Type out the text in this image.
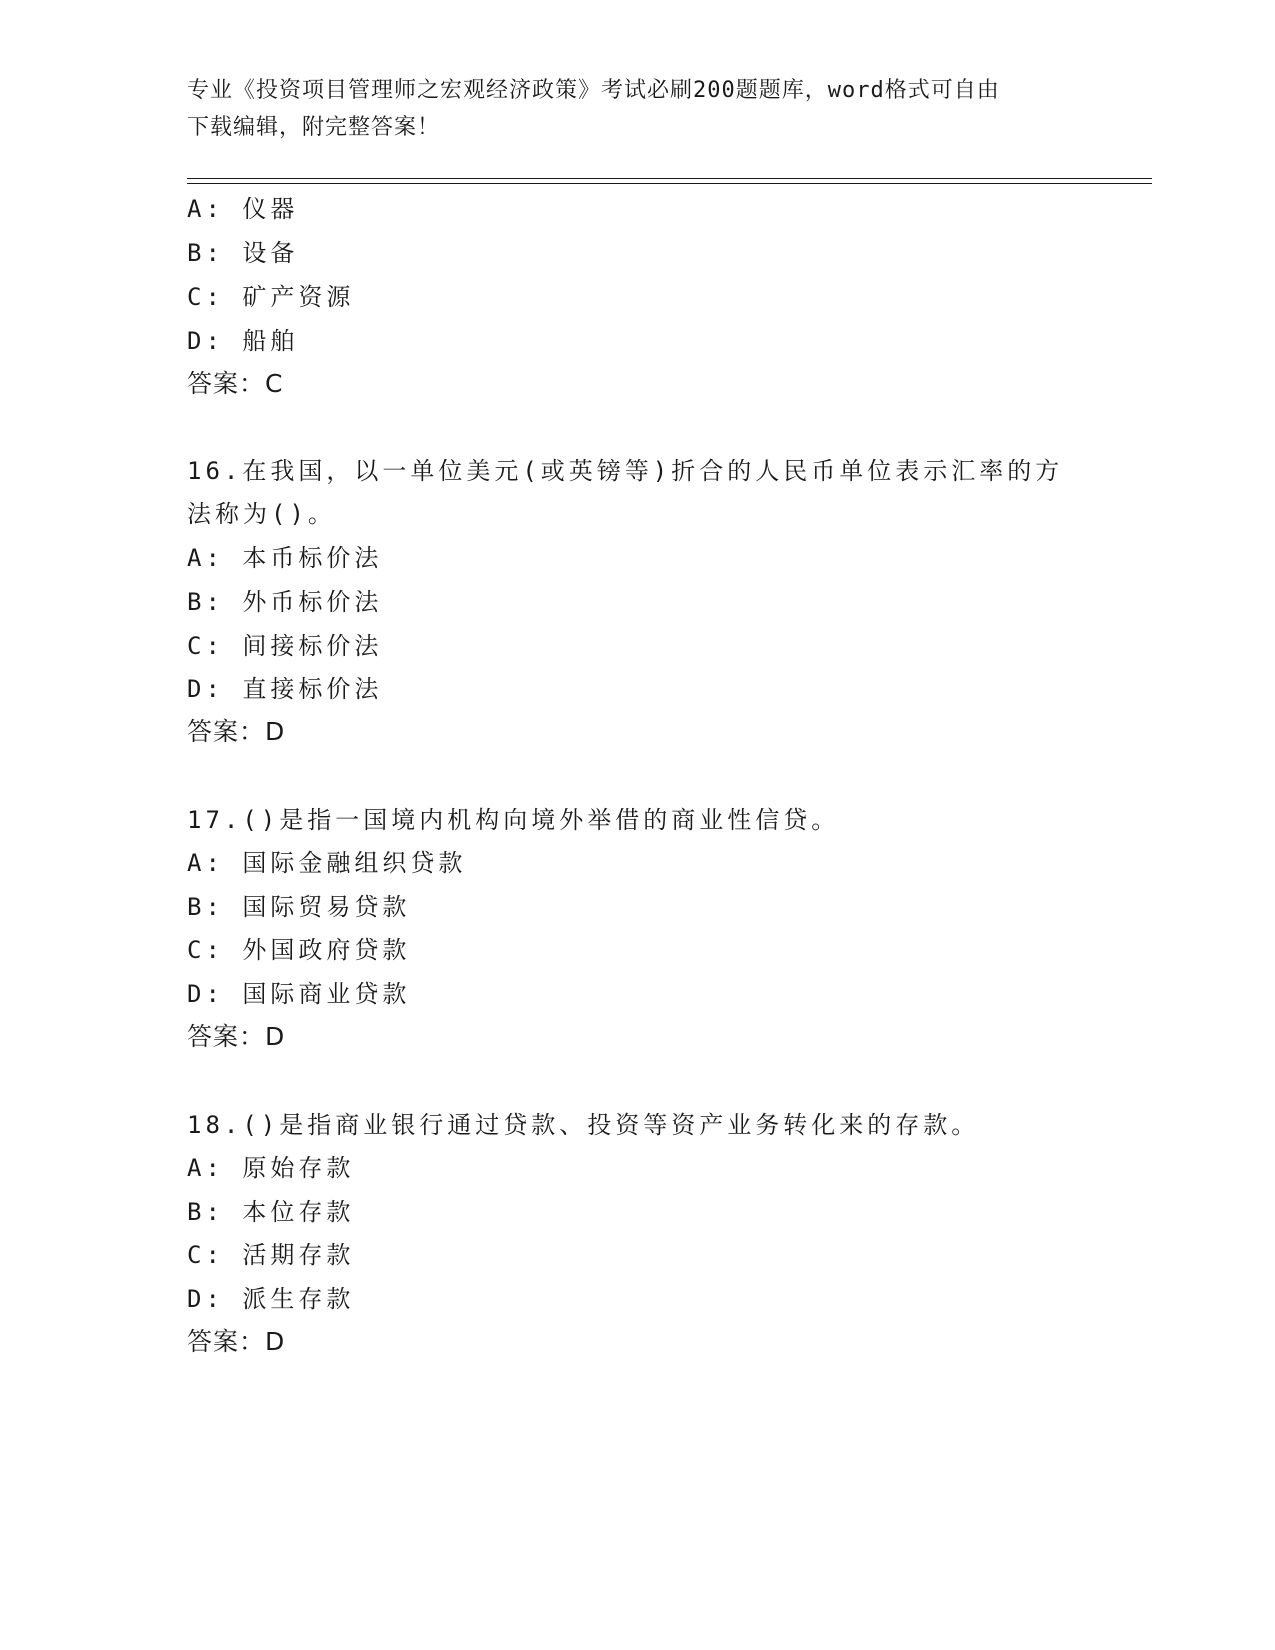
专业《投资项目管理师之宏观经济政策》考试必刷200题题库，word格式可自由
下载编辑，附完整答案！
A: 仪器
B: 设备
C: 矿产资源
D: 船舶
答案：C
16.在我国，以一单位美元(或英镑等)折合的人民币单位表示汇率的方
法称为()。
A: 本币标价法
B: 外币标价法
C: 间接标价法
D: 直接标价法
答案：D
17.()是指一国境内机构向境外举借的商业性信贷。
A: 国际金融组织贷款
B: 国际贸易贷款
C: 外国政府贷款
D: 国际商业贷款
答案：D
18.()是指商业银行通过贷款、投资等资产业务转化来的存款。
A: 原始存款
B: 本位存款
C: 活期存款
D: 派生存款
答案：D
